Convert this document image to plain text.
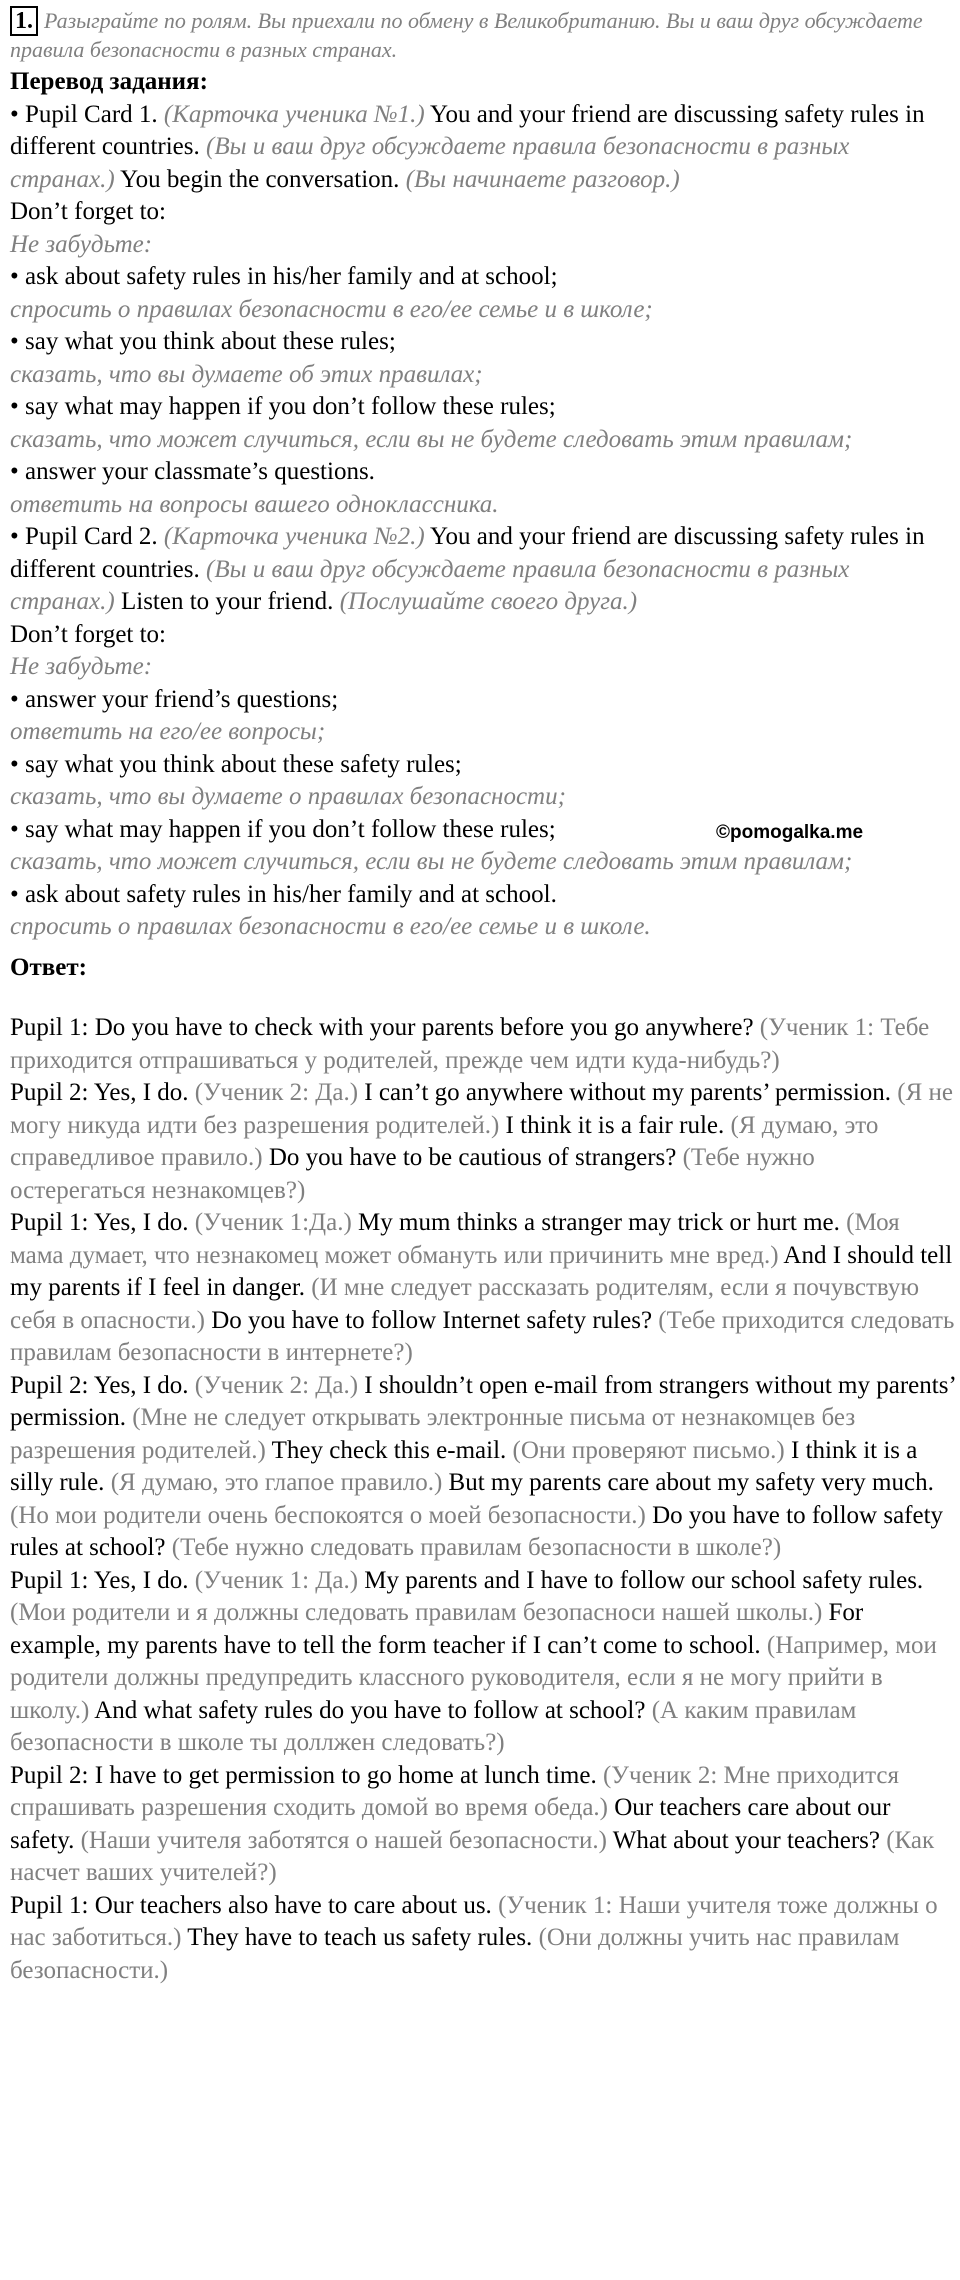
1. Разыграйте по ролям. Вы приехали по обмену в Великобританию. Вы и ваш друг обсуждаете правила безопасности в разных странах.
Перевод задания:
• Pupil Card 1. (Карточка ученика №1.) You and your friend are discussing safety rules in different countries. (Вы и ваш друг обсуждаете правила безопасности в разных странах.) You begin the conversation. (Вы начинаете разговор.)
Don’t forget to:
Не забудьте:
• ask about safety rules in his/her family and at school;
спросить о правилах безопасности в его/ее семье и в школе;
• say what you think about these rules;
сказать, что вы думаете об этих правилах;
• say what may happen if you don’t follow these rules;
сказать, что может случиться, если вы не будете следовать этим правилам;
• answer your classmate’s questions.
ответить на вопросы вашего одноклассника.
• Pupil Card 2. (Карточка ученика №2.) You and your friend are discussing safety rules in different countries. (Вы и ваш друг обсуждаете правила безопасности в разных странах.) Listen to your friend. (Послушайте своего друга.)
Don’t forget to:
Не забудьте:
• answer your friend’s questions;
ответить на его/ее вопросы;
• say what you think about these safety rules;
сказать, что вы думаете о правилах безопасности;
• say what may happen if you don’t follow these rules;
сказать, что может случиться, если вы не будете следовать этим правилам;
• ask about safety rules in his/her family and at school.
спросить о правилах безопасности в его/ее семье и в школе.
Ответ:
Pupil 1: Do you have to check with your parents before you go anywhere? (Ученик 1: Тебе приходится отпрашиваться у родителей, прежде чем идти куда-нибудь?)
Pupil 2: Yes, I do. (Ученик 2: Да.) I can’t go anywhere without my parents’ permission. (Я не могу никуда идти без разрешения родителей.) I think it is a fair rule. (Я думаю, это справедливое правило.) Do you have to be cautious of strangers? (Тебе нужно остерегаться незнакомцев?)
Pupil 1: Yes, I do. (Ученик 1:Да.) My mum thinks a stranger may trick or hurt me. (Моя мама думает, что незнакомец может обмануть или причинить мне вред.) And I should tell my parents if I feel in danger. (И мне следует рассказать родителям, если я почувствую себя в опасности.) Do you have to follow Internet safety rules? (Тебе приходится следовать правилам безопасности в интернете?)
Pupil 2: Yes, I do. (Ученик 2: Да.) I shouldn’t open e-mail from strangers without my parents’ permission. (Мне не следует открывать электронные письма от незнакомцев без разрешения родителей.) They check this e-mail. (Они проверяют письмо.) I think it is a silly rule. (Я думаю, это глапое правило.) But my parents care about my safety very much. (Но мои родители очень беспокоятся о моей безопасности.) Do you have to follow safety rules at school? (Тебе нужно следовать правилам безопасности в школе?)
Pupil 1: Yes, I do. (Ученик 1: Да.) My parents and I have to follow our school safety rules. (Мои родители и я должны следовать правилам безопасноси нашей школы.) For example, my parents have to tell the form teacher if I can’t come to school. (Например, мои родители должны предупредить классного руководителя, если я не могу прийти в школу.) And what safety rules do you have to follow at school? (А каким правилам безопасности в школе ты доллжен следовать?)
Pupil 2: I have to get permission to go home at lunch time. (Ученик 2: Мне приходится спрашивать разрешения сходить домой во время обеда.) Our teachers care about our safety. (Наши учителя заботятся о нашей безопасности.) What about your teachers? (Как насчет ваших учителей?)
Pupil 1: Our teachers also have to care about us. (Ученик 1: Наши учителя тоже должны о нас заботиться.) They have to teach us safety rules. (Они должны учить нас правилам безопасности.)
©pomogalka.me
